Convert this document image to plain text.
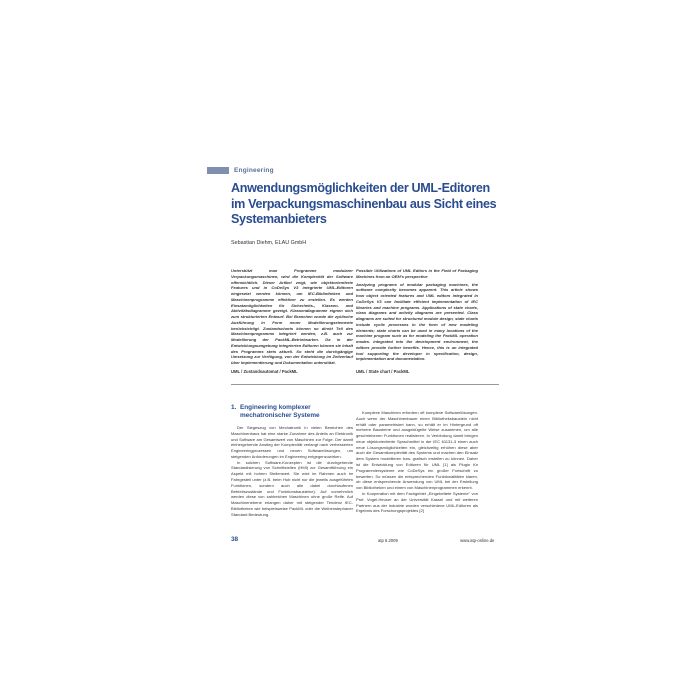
Engineering
Anwendungsmöglichkeiten der UML-Editoren im Verpackungsmaschinenbau aus Sicht eines Systemanbieters
Sebastian Diehm, ELAU GmbH
Unterstützt man Programme modularer Verpackungsmaschinen, wird die Komplexität der Software offensichtlich. Dieser Artikel zeigt, wie objektorientierte Features und in CoDeSys V3 integrierte UML-Editoren eingesetzt werden können, um IEC-Bibliotheken und Maschinenprogramme effektiver zu erstellen. Es werden Einsatzmöglichkeiten für Sicherheits-, Klassen- und Aktivitätsdiagramme gezeigt. Klassendiagramme eignen sich zum strukturierten Entwurf. Bei Branchen wurde die zyklische Ausführung in Form neuer Modellierungselemente berücksichtigt. Zustandscharts können so direkt Teil des Maschinenprogramms integriert werden, z.B. auch zur Modellierung der PackML-Betriebsarten. Da in der Entwicklungsumgebung integrierten Editoren können sie Inhalt des Programms stets aktuell. So steht die durchgängige Umsetzung zur Verfügung, von der Entwicklung im Zeitverlauf über Implementierung und Dokumentation unterstützt.
Possible Utilizations of UML Editors in the Field of Packaging Machines from an OEM's perspective
Analyzing programs of modular packaging machines, the software complexity becomes apparent. This article shows how object oriented features and UML editors integrated in CoDeSys V3 can facilitate efficient implementation of IEC libraries and machine programs. Applications of state charts, class diagrams and activity diagrams are presented. Class diagrams are suited for structured module design, state charts include cyclic processes in the form of new modeling elements; state charts can be used in many locations of the machine program such as for modeling the PackML operation modes. Integrated into the development environment, the editors provide further benefits. Hence, this is an integrated tool supporting the developer in specification, design, implementation and documentation.
UML / Zustandsautomat / PackML	UML / State chart / PackML
1. Engineering komplexer
mechatronischer Systeme

Der Siegeszug von Mechatronik in vielen Bereichen des Maschinenbaus hat eine starke Zunahme des Anteils an Elektronik und Software am Gesamtwert von Maschinen zur Folge. Der damit einhergehende Anstieg der Komplexität verlangt nach verbesserten Engineeringprozessen und neuen Softwarelösungen, um steigenden Anforderungen im Engineering entgegenzuwirken.

In solchen Software-Konzepten ist die durchgehende Standardisierung von Schnittstellen (HMI) zur Gesamtführung ein Aspekt mit hohem Stellenwert. Sie wird im Rahmen auch im Fahrgestell unter (z.B. beim Hub nicht nur die jeweils ausgeführten Funktionen, sondern auch alle dabei durchlaufenen Betriebszustände und Funktionsbausteine). Auf vornehmlich werden diese von zahlreichen Maschinen ohne große Reife. Auf Maschinenebene erlangen daher mit steigender Tendenz IEC-Bibliotheken wie beispielsweise PackML oder die Weihenstephaner Standard Bedeutung.

Komplexe Maschinen erfordern oft komplexe Softwarelösungen. Auch wenn der Maschinenbauer einen Bibliotheksbaustein nicht erhält oder parametrisiert kann, so erhält er im Hintergrund oft mehrere Bausteine und ausgeklügelte Weise zusammen, um alle geschriebenen Funktionen realisieren. In Verbindung damit bringen neue objektorientierte Sprachmittel in der IEC 61131-3 einen auch neue Lösungsmöglichkeiten ein, gleichzeitig erhöhen diese aber auch die Gesamtkomplexität des Systems und machen den Einsatz dem System modellieren bzw. grafisch erstellen zu können. Daher ist die Entwicklung von Editoren für UML [1] als Plugin für Programmiersysteme wie CoDeSys ein großer Fortschritt zu bewerten. So müssen die entsprechenden Funktionalitäten klaren, ob diese entsprechende Anwendung von UML bei der Erstellung von Bibliotheken und einem von Maschinenprogrammen erkennt.

In Kooperation mit dem Fachgebiet „Eingebettete Systeme" von Prof. Vogel-Heuser an der Universität Kassel und mit weiteren Partnern aus der Industrie wurden verschiedene UML-Editoren als Ergebnis des Forschungsprojektes [2]

38	atp 6.2009	www.atp-online.de
